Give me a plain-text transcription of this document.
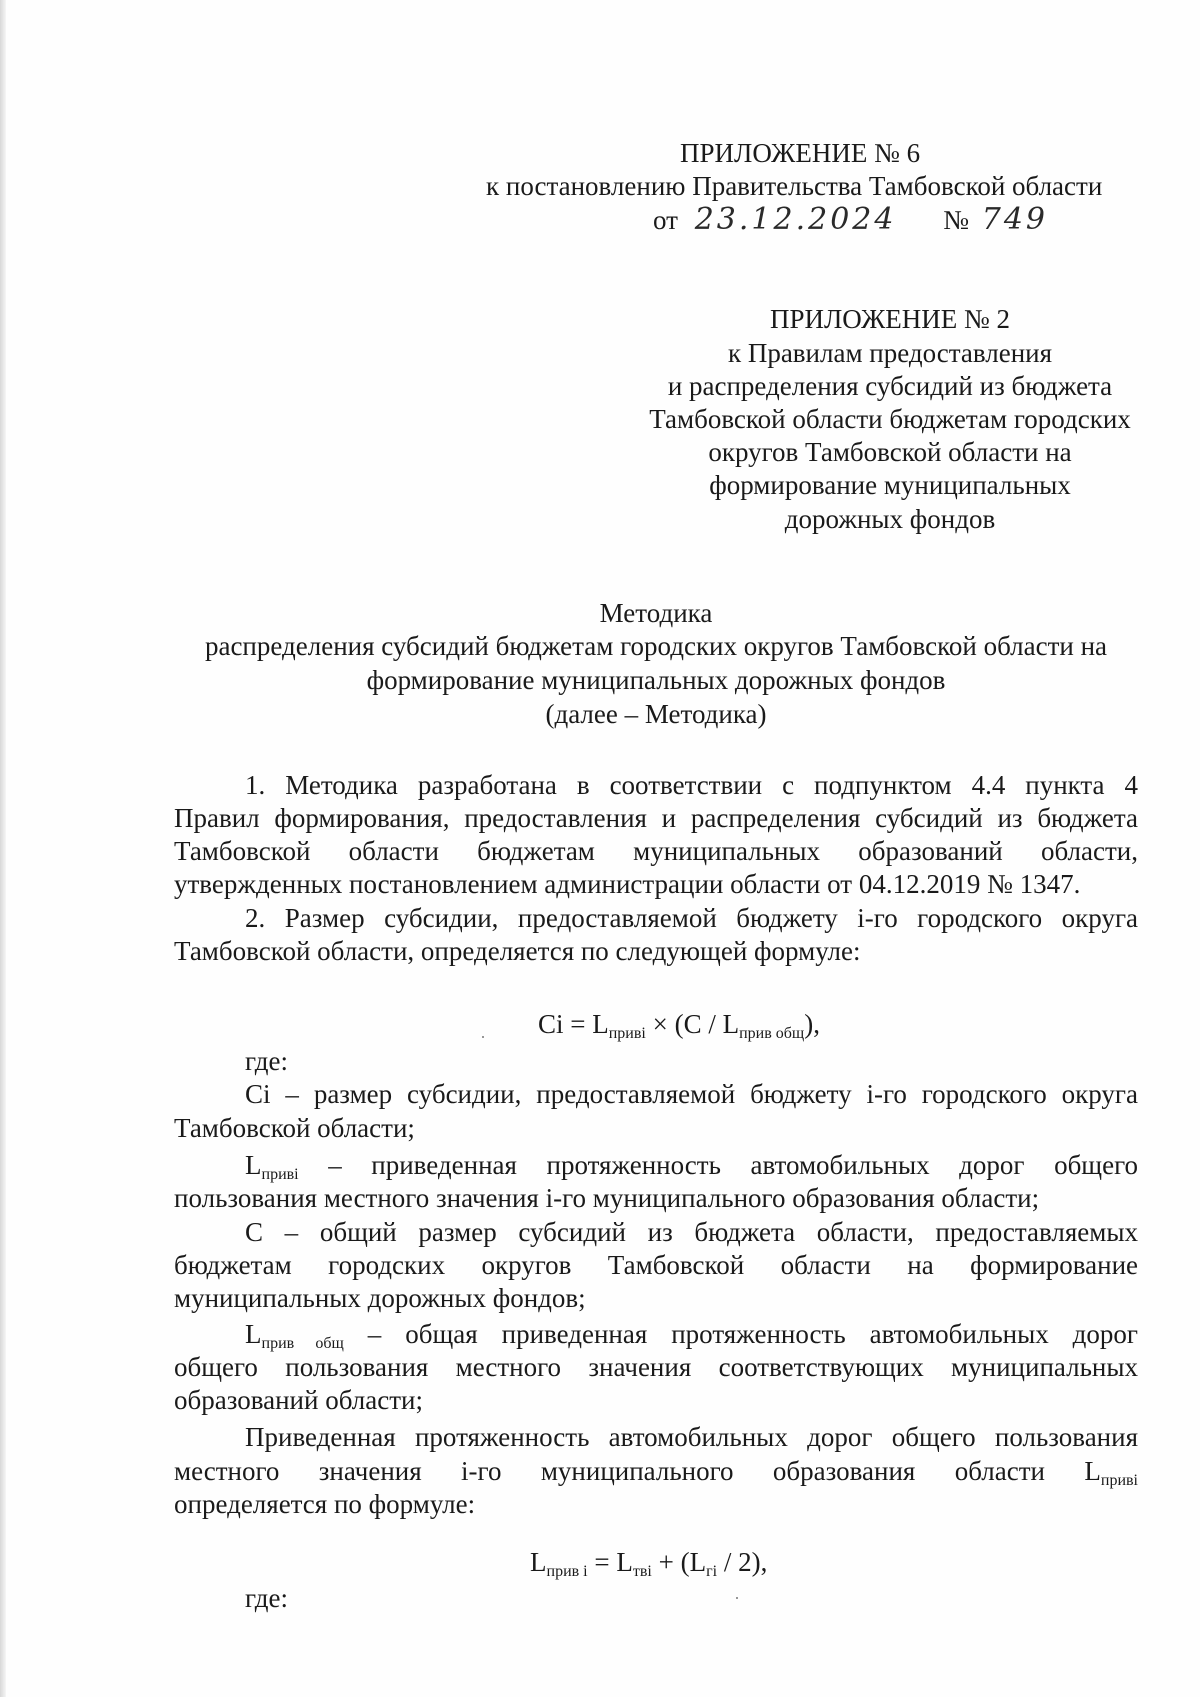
ПРИЛОЖЕНИЕ № 6
к постановлению Правительства Тамбовской области
от 23.12.2024 № 749
ПРИЛОЖЕНИЕ № 2
к Правилам предоставления
и распределения субсидий из бюджета
Тамбовской области бюджетам городских
округов Тамбовской области на
формирование муниципальных
дорожных фондов
Методика
распределения субсидий бюджетам городских округов Тамбовской области на
формирование муниципальных дорожных фондов
(далее – Методика)
1. Методика разработана в соответствии с подпунктом 4.4 пункта 4
Правил формирования, предоставления и распределения субсидий из бюджета
Тамбовской области бюджетам муниципальных образований области,
утвержденных постановлением администрации области от 04.12.2019 № 1347.
2. Размер субсидии, предоставляемой бюджету i-го городского округа
Тамбовской области, определяется по следующей формуле:
$Ci = L_{привi} \times (C / L_{прив общ})$,
где:
Ci – размер субсидии, предоставляемой бюджету i-го городского округа
Тамбовской области;
$L_{привi}$ – приведенная протяженность автомобильных дорог общего
пользования местного значения i-го муниципального образования области;
С – общий размер субсидий из бюджета области, предоставляемых
бюджетам городских округов Тамбовской области на формирование
муниципальных дорожных фондов;
$L_{прив общ}$ – общая приведенная протяженность автомобильных дорог
общего пользования местного значения соответствующих муниципальных
образований области;
Приведенная протяженность автомобильных дорог общего пользования
местного значения i-го муниципального образования области $L_{привi}$
определяется по формуле:
$L_{прив i} = L_{твi} + (L_{гi} / 2)$,
где:
